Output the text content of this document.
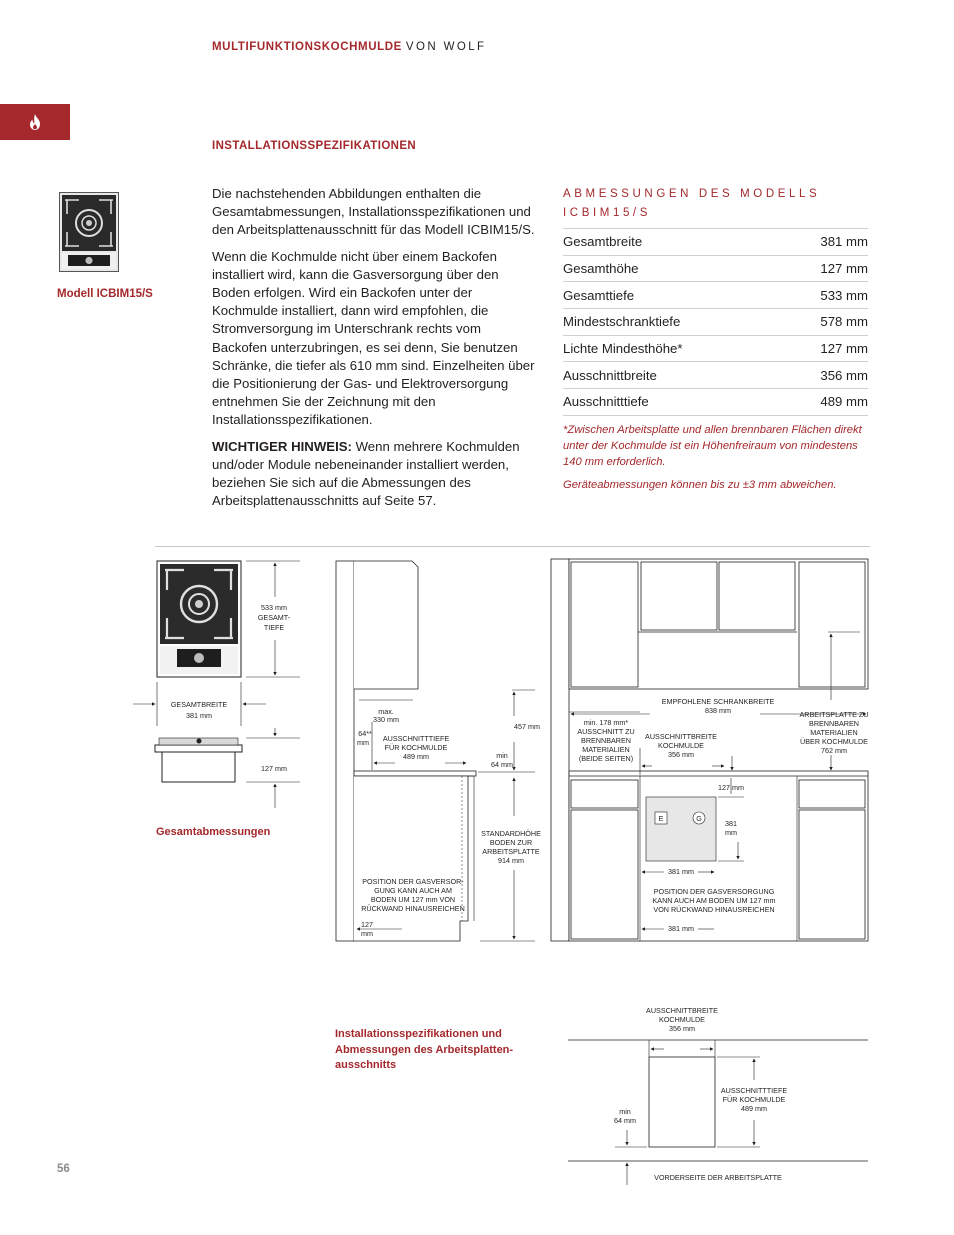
MULTIFUNKTIONSKOCHMULDE VON WOLF
INSTALLATIONSSPEZIFIKATIONEN
Modell ICBIM15/S

Die nachstehenden Abbildungen enthalten die Gesamtabmessungen, Installationsspezifikationen und den Arbeitsplattenausschnitt für das Modell ICBIM15/S.

Wenn die Kochmulde nicht über einem Backofen installiert wird, kann die Gasversorgung über den Boden erfolgen. Wird ein Backofen unter der Kochmulde installiert, dann wird empfohlen, die Stromversorgung im Unterschrank rechts vom Backofen unterzubringen, es sei denn, Sie benutzen Schränke, die tiefer als 610 mm sind. Einzelheiten über die Positionierung der Gas- und Elektroversorgung entnehmen Sie der Zeichnung mit den Installationsspezifikationen.

WICHTIGER HINWEIS: Wenn mehrere Kochmulden und/oder Module nebeneinander installiert werden, beziehen Sie sich auf die Abmessungen des Arbeitsplattenausschnitts auf Seite 57.

ABMESSUNGEN DES MODELLS ICBIM15/S
Gesamtbreite	381 mm
Gesamthöhe	127 mm
Gesamttiefe	533 mm
Mindestschranktiefe	578 mm
Lichte Mindesthöhe*	127 mm
Ausschnittbreite	356 mm
Ausschnitttiefe	489 mm

*Zwischen Arbeitsplatte und allen brennbaren Flächen direkt unter der Kochmulde ist ein Höhenfreiraum von mindestens 140 mm erforderlich.

Geräteabmessungen können bis zu ±3 mm abweichen.

533 mm
GESAMT-
TIEFE
GESAMTBREITE
381 mm
127 mm
max.
330 mm
64**
mm AUSSCHNITTTIEFE
FÜR KOCHMULDE
489 mm	min
64 mm
457 mm
STANDARDHÖHE
BODEN ZUR
ARBEITSPLATTE
914 mm
POSITION DER GASVERSOR-
GUNG KANN AUCH AM
BODEN UM 127 mm VON
RÜCKWAND HINAUSREICHEN
127
mm
EMPFOHLENE SCHRANKBREITE
838 mm
min. 178 mm*
AUSSCHNITT ZU
BRENNBAREN
MATERIALIEN
(BEIDE SEITEN)
AUSSCHNITTBREITE
KOCHMULDE
356 mm
ARBEITSPLATTE ZU
BRENNBAREN
MATERIALIEN
ÜBER KOCHMULDE
762 mm
E	G
127 mm
381
mm
381 mm
POSITION DER GASVERSORGUNG
KANN AUCH AM BODEN UM 127 mm
VON RÜCKWAND HINAUSREICHEN
381 mm
AUSSCHNITTBREITE
KOCHMULDE
356 mm
AUSSCHNITTTIEFE
FÜR KOCHMULDE
489 mm
min
64 mm
VORDERSEITE DER ARBEITSPLATTE
Gesamtabmessungen
Installationsspezifikationen und Abmessungen des Arbeitsplatten-ausschnitts
56
